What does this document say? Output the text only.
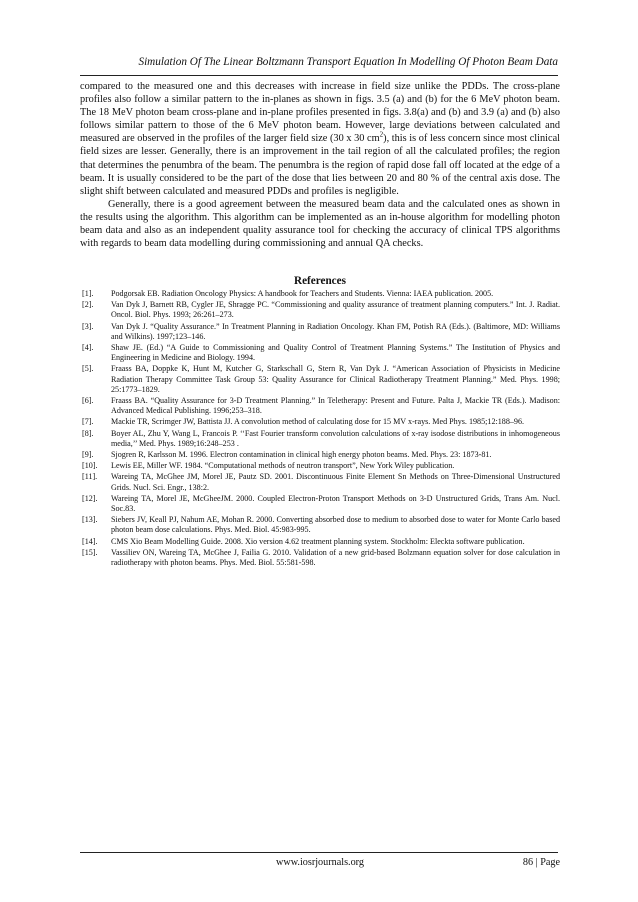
Simulation Of The Linear Boltzmann Transport Equation In Modelling Of Photon Beam Data

compared to the measured one and this decreases with increase in field size unlike the PDDs. The cross-plane profiles also follow a similar pattern to the in-planes as shown in figs. 3.5 (a) and (b) for the 6 MeV photon beam. The 18 MeV photon beam cross-plane and in-plane profiles presented in figs. 3.8(a) and (b) and 3.9 (a) and (b) also follows similar pattern to those of the 6 MeV photon beam. However, large deviations between calculated and measured are observed in the profiles of the larger field size (30 x 30 $cm^2$), this is of less concern since most clinical field sizes are lesser. Generally, there is an improvement in the tail region of all the calculated profiles; the region that determines the penumbra of the beam. The penumbra is the region of rapid dose fall off located at the edge of a beam. It is usually considered to be the part of the dose that lies between 20 and 80 % of the central axis dose. The slight shift between calculated and measured PDDs and profiles is negligible.

Generally, there is a good agreement between the measured beam data and the calculated ones as shown in the results using the algorithm. This algorithm can be implemented as an in-house algorithm for modelling photon beam data and also as an independent quality assurance tool for checking the accuracy of clinical TPS algorithms with regards to beam data modelling during commissioning and annual QA checks.

References
[1].	Podgorsak EB. Radiation Oncology Physics: A handbook for Teachers and Students. Vienna: IAEA publication. 2005.
[2].	Van Dyk J, Barnett RB, Cygler JE, Shragge PC. “Commissioning and quality assurance of treatment planning computers.” Int. J. Radiat. Oncol. Biol. Phys. 1993; 26:261–273.
[3].	Van Dyk J. “Quality Assurance.” In Treatment Planning in Radiation Oncology. Khan FM, Potish RA (Eds.). (Baltimore, MD: Williams and Wilkins). 1997;123–146.
[4].	Shaw JE. (Ed.) “A Guide to Commissioning and Quality Control of Treatment Planning Systems.” The Institution of Physics and Engineering in Medicine and Biology. 1994.
[5].	Fraass BA, Doppke K, Hunt M, Kutcher G, Starkschall G, Stern R, Van Dyk J. “American Association of Physicists in Medicine Radiation Therapy Committee Task Group 53: Quality Assurance for Clinical Radiotherapy Treatment Planning.” Med. Phys. 1998; 25:1773–1829.
[6].	Fraass BA. “Quality Assurance for 3-D Treatment Planning.” In Teletherapy: Present and Future. Palta J, Mackie TR (Eds.). Madison: Advanced Medical Publishing. 1996;253–318.
[7].	Mackie TR, Scrimger JW, Battista JJ. A convolution method of calculating dose for 15 MV x-rays. Med Phys. 1985;12:188–96.
[8].	Boyer AL, Zhu Y, Wang L, Francois P. ‘‘Fast Fourier transform convolution calculations of x-ray isodose distributions in inhomogeneous media,’’ Med. Phys. 1989;16:248–253 .
[9].	Sjogren R, Karlsson M. 1996. Electron contamination in clinical high energy photon beams. Med. Phys. 23: 1873-81.
[10].	Lewis EE, Miller WF. 1984. “Computational methods of neutron transport”, New York Wiley publication.
[11].	Wareing TA, McGhee JM, Morel JE, Pautz SD. 2001. Discontinuous Finite Element Sn Methods on Three-Dimensional Unstructured Grids. Nucl. Sci. Engr., 138:2.
[12].	Wareing TA, Morel JE, McGheeJM. 2000. Coupled Electron-Proton Transport Methods on 3-D Unstructured Grids, Trans Am. Nucl. Soc.83.
[13].	Siebers JV, Keall PJ, Nahum AE, Mohan R. 2000. Converting absorbed dose to medium to absorbed dose to water for Monte Carlo based photon beam dose calculations. Phys. Med. Biol. 45:983-995.
[14].	CMS Xio Beam Modelling Guide. 2008. Xio version 4.62 treatment planning system. Stockholm: Eleckta software publication.
[15].	Vassiliev ON, Wareing TA, McGhee J, Failia G. 2010. Validation of a new grid-based Bolzmann equation solver for dose calculation in radiotherapy with photon beams. Phys. Med. Biol. 55:581-598.
www.iosrjournals.org	86 | Page
